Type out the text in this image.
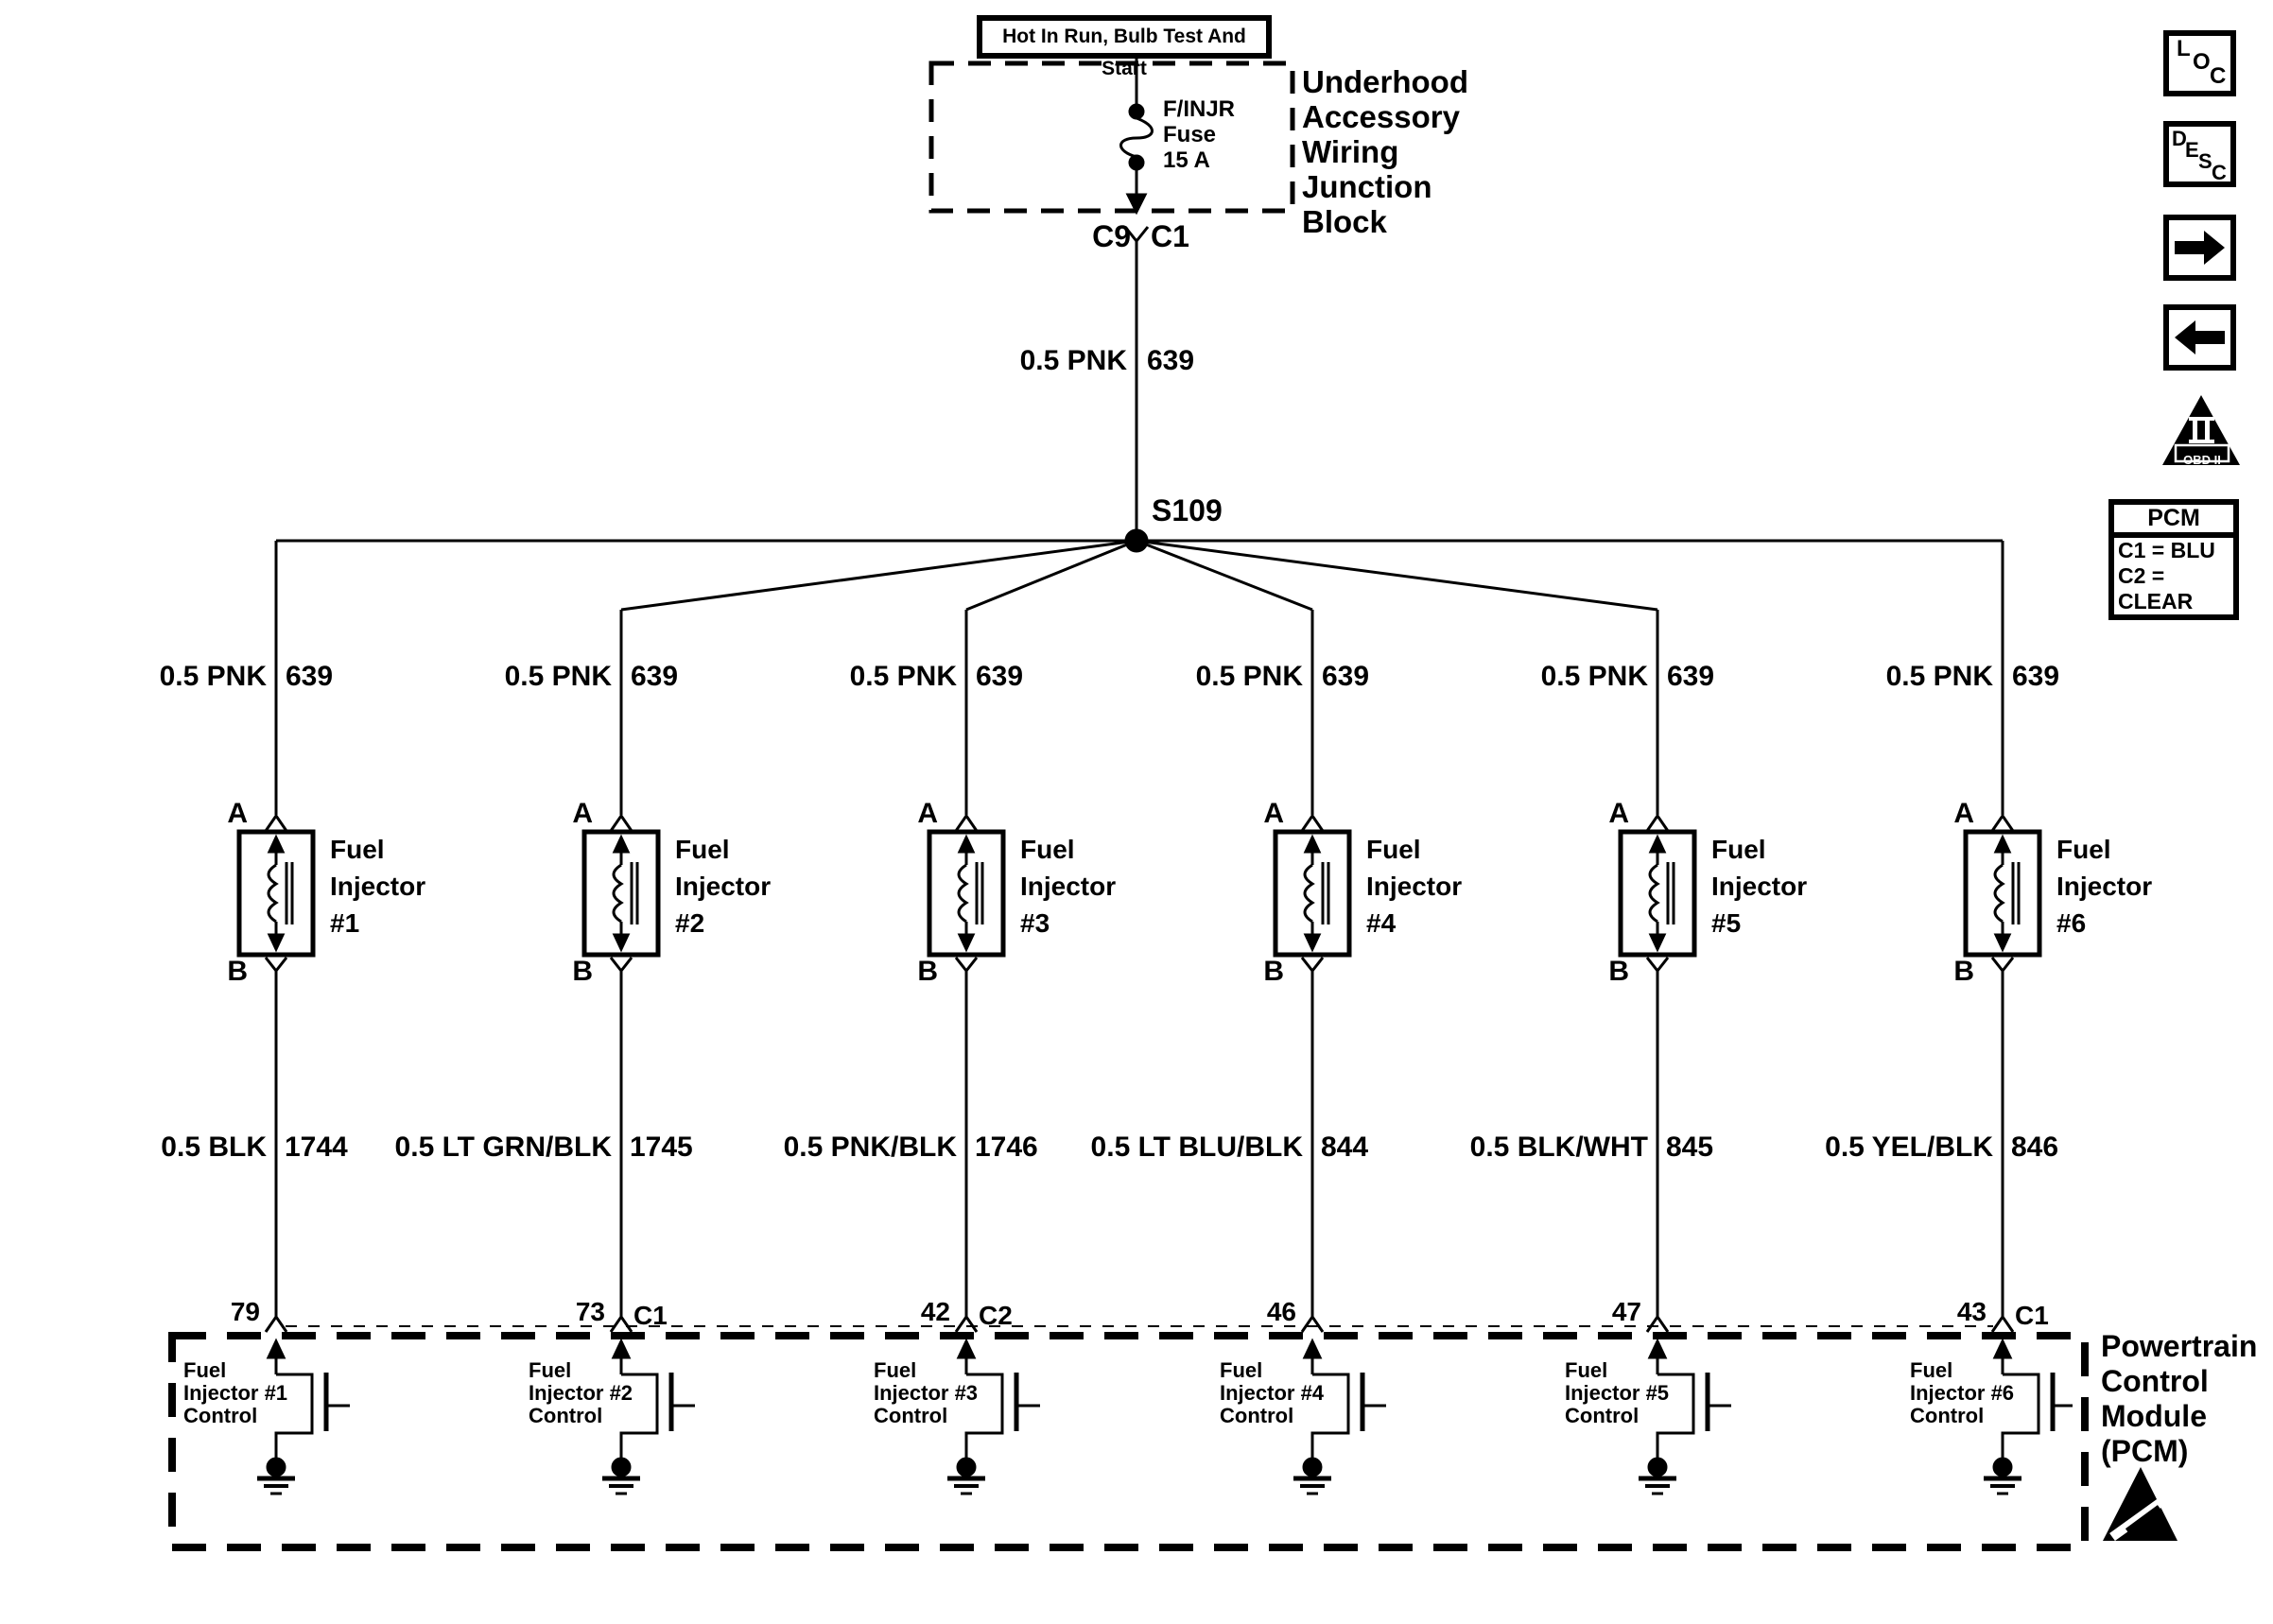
Hot In Run, Bulb Test And Start	Underhood
Accessory
Wiring
Junction
Block
F/INJR
Fuse
15 A
C9 C1
0.5 PNK 639
S109
0.5 PNK 639
A
Fuel
Injector
#1
B
0.5 BLK 1744
79
Fuel
Injector #1
Control
0.5 PNK 639
A
Fuel
Injector
#2
B
0.5 LT GRN/BLK 1745
73 C1
Fuel
Injector #2
Control
0.5 PNK 639
A
Fuel
Injector
#3
B
0.5 PNK/BLK 1746
42 C2
Fuel
Injector #3
Control
0.5 PNK 639
A
Fuel
Injector
#4
B
0.5 LT BLU/BLK 844
46
Fuel
Injector #4
Control
0.5 PNK 639
A
Fuel
Injector
#5
B
0.5 BLK/WHT 845
47
Fuel
Injector #5
Control
0.5 PNK 639
A
Fuel
Injector
#6
B
0.5 YEL/BLK 846
43 C1
Fuel
Injector #6
Control
Powertrain
Control
Module
(PCM)
L
O
C
D
E S C
OBD II
PCM
C1 = BLU
C2 = CLEAR
